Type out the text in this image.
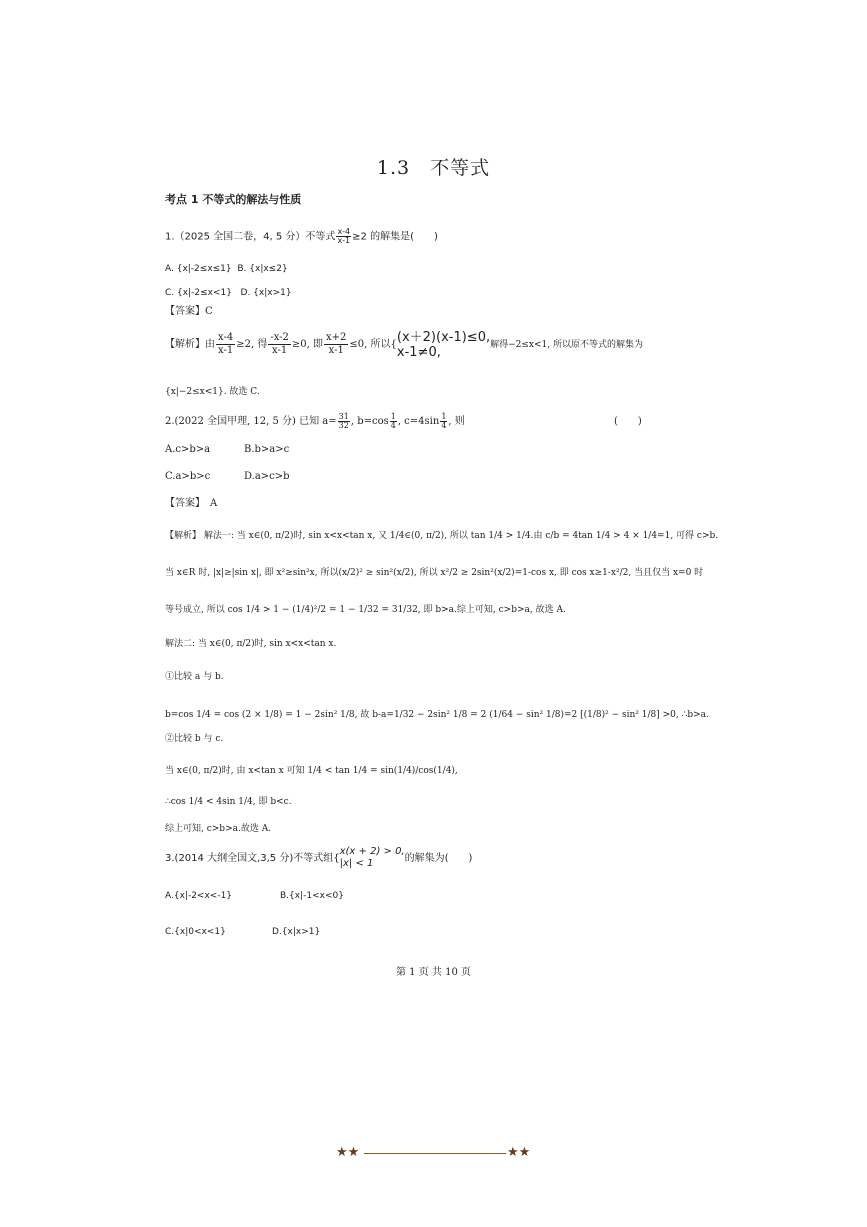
1.3　不等式
考点 1 不等式的解法与性质
1.（2025 全国二卷，4, 5 分）不等式 $\frac{x-4}{x-1} \ge 2$ 的解集是(　　)
A. {x|-2≤x≤1} B. {x|x≤2}
C. {x|-2≤x<1} D. {x|x>1}
【答案】C
【解析】由 $\frac{x-4}{x-1} \ge 2$, 得 $\frac{-x-2}{x-1} \ge 0$, 即 $\frac{x+2}{x-1} \le 0$, 所以{ (x＋2)(x-1)≤0,
x-1≠0,	解得−2≤x<1, 所以原不等式的解集为
{x|−2≤x<1}. 故选 C.
2.(2022 全国甲理, 12, 5 分) 已知 $a= \frac{31}{32}$ , $b=\cos \frac{1}{4}$ , $c=4\sin \frac{1}{4}$ , 则	(　　)
A.c>b>a	B.b>a>c
C.a>b>c	D.a>c>b
【答案】　A
【解析】 解法一: 当 x∈(0, π/2)时, sin x<x<tan x, 又 1/4∈(0, π/2), 所以 tan 1/4 > 1/4.由 c/b = 4tan 1/4 > 4 × 1/4=1, 可得 c>b.
当 x∈R 时, |x|≥|sin x|, 即 x²≥sin²x, 所以(x/2)² ≥ sin²(x/2), 所以 x²/2 ≥ 2sin²(x/2)=1-cos x, 即 cos x≥1-x²/2, 当且仅当 x=0 时
等号成立, 所以 cos 1/4 > 1 − (1/4)²/2 = 1 − 1/32 = 31/32, 即 b>a.综上可知, c>b>a, 故选 A.
解法二: 当 x∈(0, π/2)时, sin x<x<tan x.
①比较 a 与 b.
b=cos 1/4 = cos (2 × 1/8) = 1 − 2sin² 1/8, 故 b-a=1/32 − 2sin² 1/8 = 2 (1/64 − sin² 1/8)=2 [(1/8)² − sin² 1/8] >0, ∴b>a.
②比较 b 与 c.
当 x∈(0, π/2)时, 由 x<tan x 可知 1/4 < tan 1/4 = sin(1/4)/cos(1/4),
∴cos 1/4 < 4sin 1/4, 即 b<c.
综上可知, c>b>a.故选 A.
3.(2014 大纲全国文,3,5 分)不等式组{
x(x + 2) > 0,
|x| < 1	的解集为(　　)
A.{x|-2<x<-1}	B.{x|-1<x<0}
C.{x|0<x<1}	D.{x|x>1}
第 1 页 共 10 页
★★	★★
